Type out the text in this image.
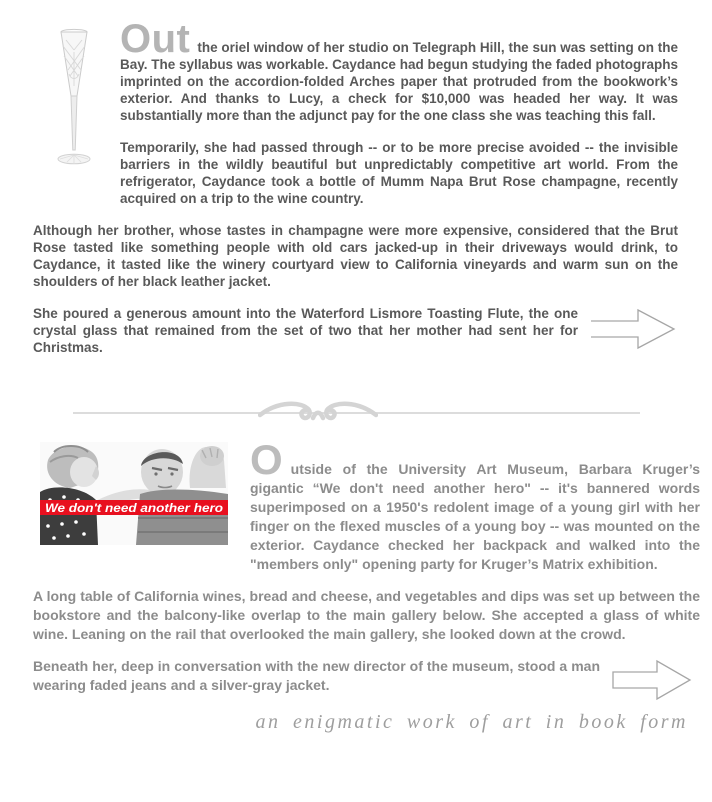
Out the oriel window of her studio on Telegraph Hill, the sun was setting on the Bay. The syllabus was workable. Caydance had begun studying the faded photographs imprinted on the accordion-folded Arches paper that protruded from the bookwork’s exterior. And thanks to Lucy, a check for $10,000 was headed her way. It was substantially more than the adjunct pay for the one class she was teaching this fall.

Temporarily, she had passed through -- or to be more precise avoided -- the invisible barriers in the wildly beautiful but unpredictably competitive art world. From the refrigerator, Caydance took a bottle of Mumm Napa Brut Rose champagne, recently acquired on a trip to the wine country.

Although her brother, whose tastes in champagne were more expensive, considered that the Brut Rose tasted like something people with old cars jacked-up in their driveways would drink, to Caydance, it tasted like the winery courtyard view to California vineyards and warm sun on the shoulders of her black leather jacket.

She poured a generous amount into the Waterford Lismore Toasting Flute, the one crystal glass that remained from the set of two that her mother had sent her for Christmas.

We don't need another hero

Outside of the University Art Museum, Barbara Kruger’s gigantic “We don't need another hero" -- it's bannered words superimposed on a 1950's redolent image of a young girl with her finger on the flexed muscles of a young boy -- was mounted on the exterior. Caydance checked her backpack and walked into the "members only" opening party for Kruger’s Matrix exhibition.

A long table of California wines, bread and cheese, and vegetables and dips was set up between the bookstore and the balcony-like overlap to the main gallery below. She accepted a glass of white wine. Leaning on the rail that overlooked the main gallery, she looked down at the crowd.

Beneath her, deep in conversation with the new director of the museum, stood a man wearing faded jeans and a silver-gray jacket.

an enigmatic work of art in book form
